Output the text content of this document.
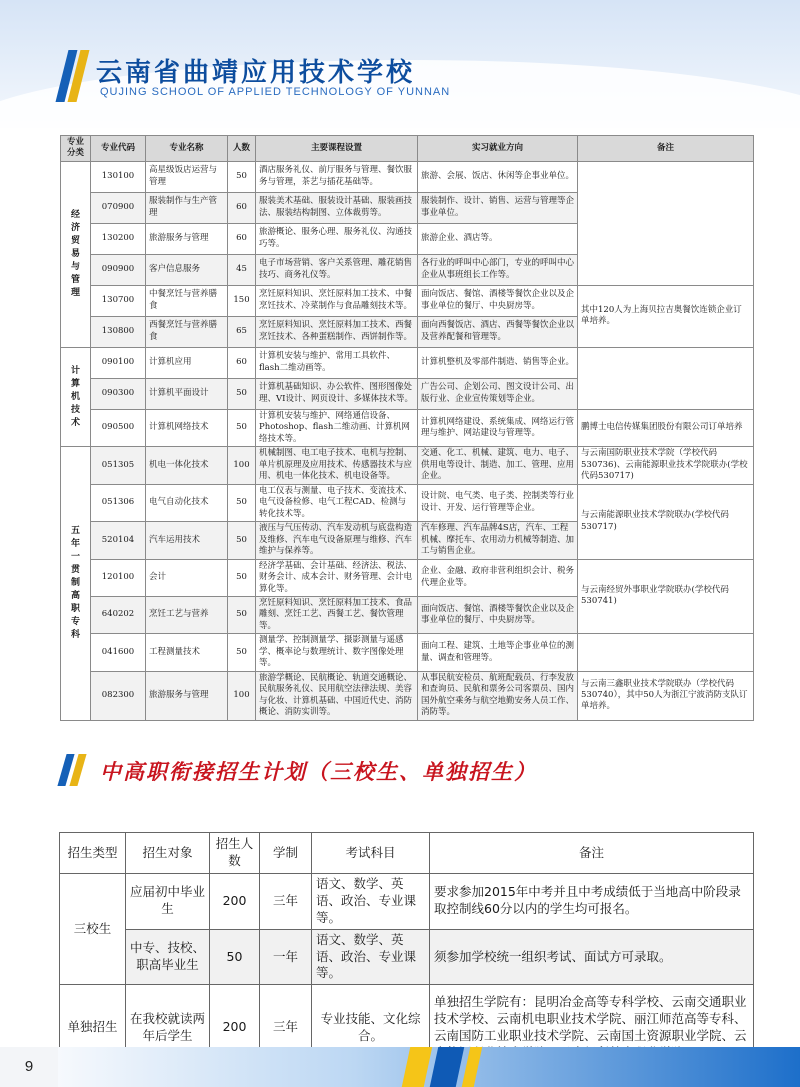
云南省曲靖应用技术学校
QUJING SCHOOL OF APPLIED TECHNOLOGY OF YUNNAN
专业分类	专业代码	专业名称	人数	主要课程设置	实习就业方向	备注
经济贸易与管理	130100	高星级饭店运营与管理	50	酒店服务礼仪、前厅服务与管理、餐饮服务与管理，茶艺与插花基础等。	旅游、会展、饭店、休闲等企事业单位。	
	070900	服装制作与生产管理	60	服装美术基础、服装设计基础、服装画技法、服装结构制图、立体裁剪等。	服装制作、设计、销售、运营与管理等企事业单位。	
	130200	旅游服务与管理	60	旅游概论、服务心理、服务礼仪、沟通技巧等。	旅游企业、酒店等。	
	090900	客户信息服务	45	电子市场营销、客户关系管理、雕花销售技巧、商务礼仪等。	各行业的呼叫中心部门，专业的呼叫中心企业从事班组长工作等。	
	130700	中餐烹饪与营养膳食	150	烹饪原料知识、烹饪原料加工技术、中餐烹饪技术、冷菜制作与食品雕刻技术等。	面向饭店、餐馆、酒楼等餐饮企业以及企事业单位的餐厅、中央厨房等。	其中120人为上海贝拉吉奥餐饮连锁企业订单培养。
	130800	西餐烹饪与营养膳食	65	烹饪原料知识、烹饪原料加工技术、西餐烹饪技术、各种蛋糕制作、西饼制作等。	面向西餐饭店、酒店、西餐等餐饮企业以及营养配餐和管理等。	
计算机技术	090100	计算机应用	60	计算机安装与维护、常用工具软件、flash二维动画等。	计算机整机及零部件制造、销售等企业。	
	090300	计算机平面设计	50	计算机基础知识、办公软件、图形图像处理、VI设计、网页设计、多媒体技术等。	广告公司、企划公司、图文设计公司、出版行业、企业宣传策划等企业。	
	090500	计算机网络技术	50	计算机安装与维护、网络通信设备、Photoshop、flash二维动画、计算机网络技术等。	计算机网络建设、系统集成、网络运行管理与维护、网站建设与管理等。	鹏博士电信传媒集团股份有限公司订单培养
五年一贯制高职专科	051305	机电一体化技术	100	机械制图、电工电子技术、电机与控制、单片机原理及应用技术、传感器技术与应用、机电一体化技术、机电设备等。	交通、化工、机械、建筑、电力、电子、供用电等设计、制造、加工、管理、应用企业。	与云南国防职业技术学院（学校代码530736)、云南能源职业技术学院联办(学校代码530717)
	051306	电气自动化技术	50	电工仪表与测量、电子技术、变流技术、电气设备检修、电气工程CAD、检测与转化技术等。	设计院、电气类、电子类、控制类等行业设计、开发、运行管理等企业。	与云南能源职业技术学院联办(学校代码530717)
	520104	汽车运用技术	50	液压与气压传动、汽车发动机与底盘构造及维修、汽车电气设备原理与维修、汽车维护与保养等。	汽车修理、汽车品牌4S店，汽车、工程机械、摩托车、农用动力机械等制造、加工与销售企业。	
	120100	会计	50	经济学基础、会计基础、经济法、税法、财务会计、成本会计、财务管理、会计电算化等。	企业、金融、政府非营利组织会计、税务代理企业等。	与云南经贸外事职业学院联办(学校代码530741)
	640202	烹饪工艺与营养	50	烹饪原料知识、烹饪原料加工技术、食品雕刻、烹饪工艺、西餐工艺、餐饮管理等。	面向饭店、餐馆、酒楼等餐饮企业以及企事业单位的餐厅、中央厨房等。	
	041600	工程测量技术	50	测量学、控制测量学、摄影测量与遥感学、概率论与数理统计、数字图像处理等。	面向工程、建筑、土地等企事业单位的测量、调查和管理等。	
	082300	旅游服务与管理	100	旅游学概论、民航概论、轨道交通概论、民航服务礼仪、民用航空法律法规、美容与化妆、计算机基础、中国近代史、消防概论、消防实训等。	从事民航安检员、航班配载员、行李发放和查询员、民航和票务公司客票员、国内国外航空乘务与航空地勤安务人员工作、消防等。	与云南三鑫职业技术学院联办（学校代码530740），其中50人为浙江宁波消防支队订单培养。
中高职衔接招生计划（三校生、单独招生）
招生类型	招生对象	招生人数	学制	考试科目	备注
三校生	应届初中毕业生	200	三年	语文、数学、英语、政治、专业课等。	要求参加2015年中考并且中考成绩低于当地高中阶段录取控制线60分以内的学生均可报名。
	中专、技校、职高毕业生	50	一年	语文、数学、英语、政治、专业课等。	须参加学校统一组织考试、面试方可录取。
单独招生	在我校就读两年后学生	200	三年	专业技能、文化综合。	单独招生学院有：昆明冶金高等专科学校、云南交通职业技术学校、云南机电职业技术学院、丽江师范高等专科、云南国防工业职业技术学院、云南国土资源职业学院、云
9
